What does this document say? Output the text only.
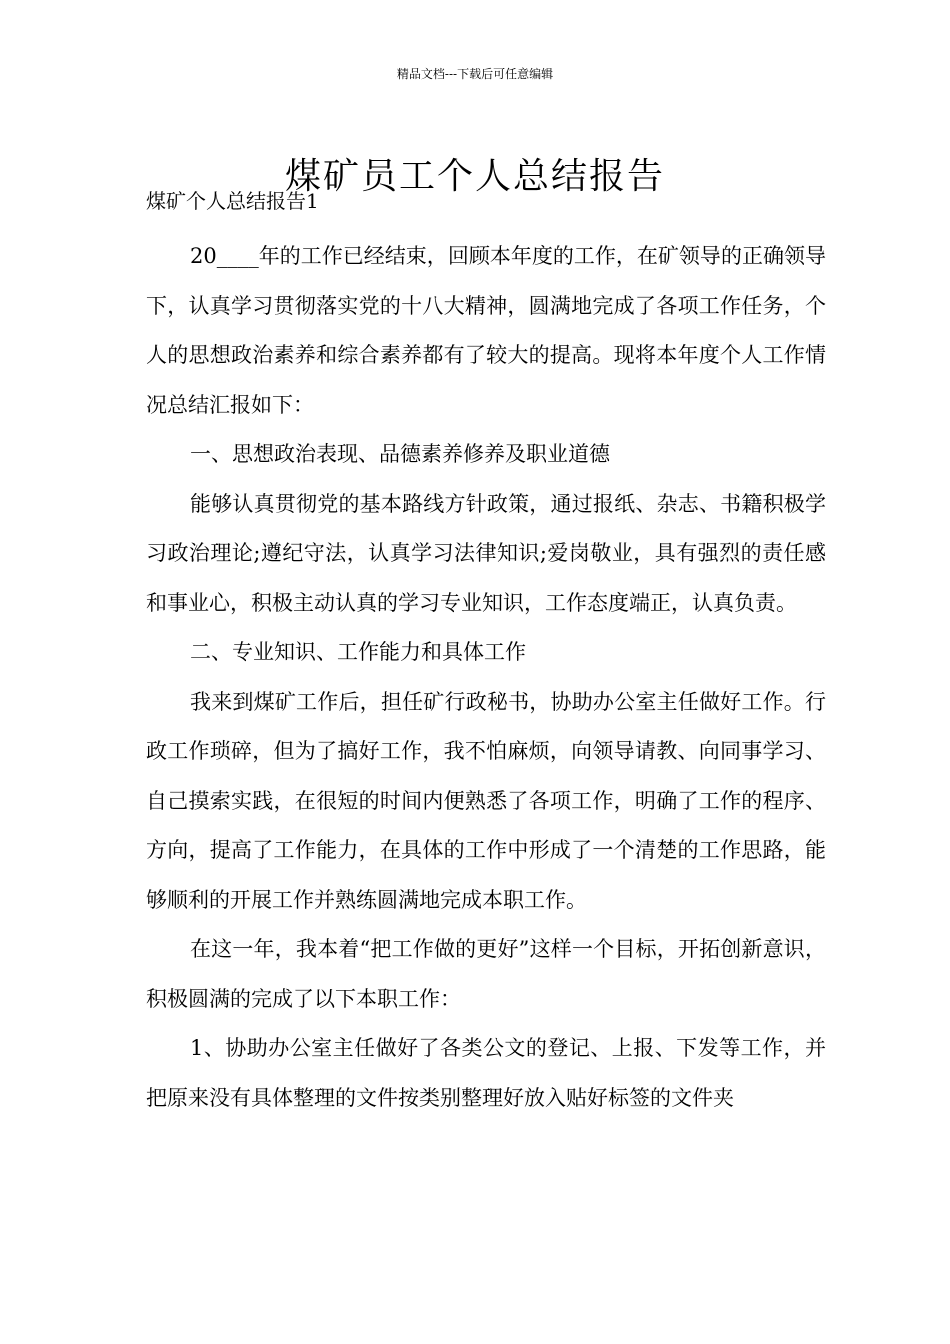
精品文档---下载后可任意编辑
煤矿员工个人总结报告
煤矿个人总结报告1

20____年的工作已经结束，回顾本年度的工作，在矿领导的正确领导下，认真学习贯彻落实党的十八大精神，圆满地完成了各项工作任务，个人的思想政治素养和综合素养都有了较大的提高。现将本年度个人工作情况总结汇报如下：

一、思想政治表现、品德素养修养及职业道德

能够认真贯彻党的基本路线方针政策，通过报纸、杂志、书籍积极学习政治理论;遵纪守法，认真学习法律知识;爱岗敬业，具有强烈的责任感和事业心，积极主动认真的学习专业知识，工作态度端正，认真负责。

二、专业知识、工作能力和具体工作

我来到煤矿工作后，担任矿行政秘书，协助办公室主任做好工作。行政工作琐碎，但为了搞好工作，我不怕麻烦，向领导请教、向同事学习、自己摸索实践，在很短的时间内便熟悉了各项工作，明确了工作的程序、方向，提高了工作能力，在具体的工作中形成了一个清楚的工作思路，能够顺利的开展工作并熟练圆满地完成本职工作。

在这一年，我本着“把工作做的更好”这样一个目标，开拓创新意识，积极圆满的完成了以下本职工作：

1、协助办公室主任做好了各类公文的登记、上报、下发等工作，并把原来没有具体整理的文件按类别整理好放入贴好标签的文件夹
